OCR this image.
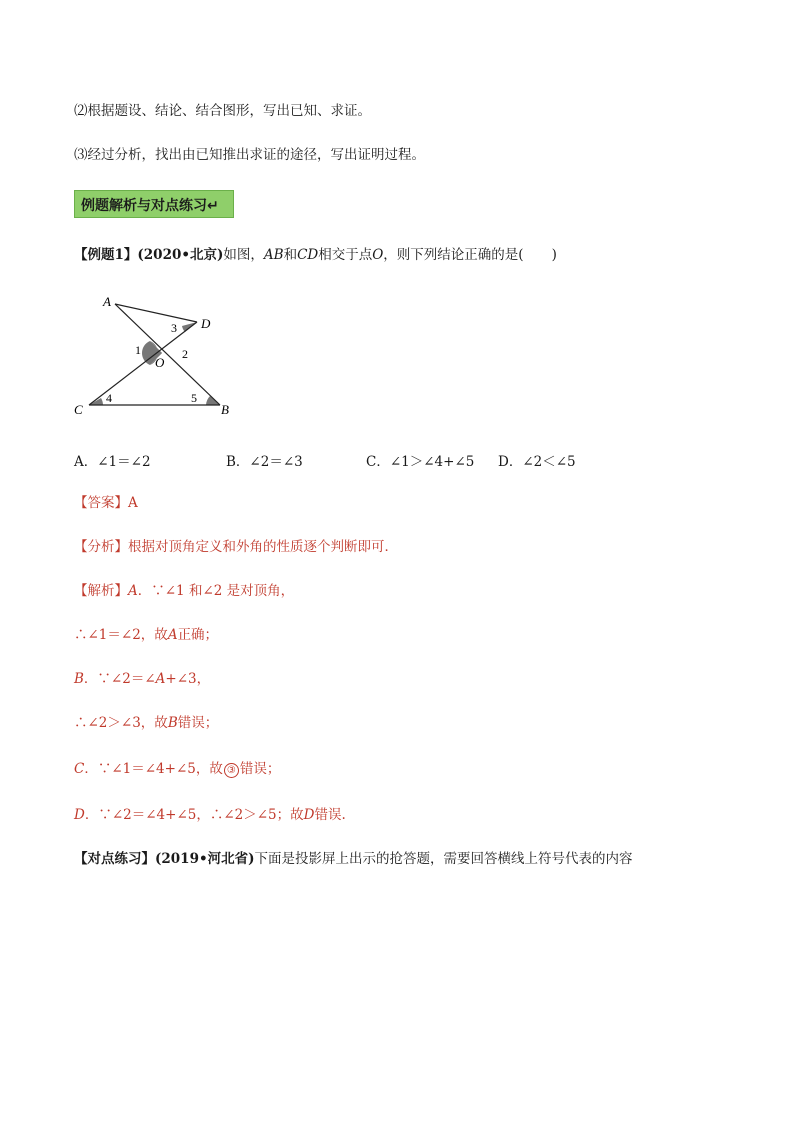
⑵根据题设、结论、结合图形，写出已知、求证。
⑶经过分析，找出由已知推出求证的途径，写出证明过程。
例题解析与对点练习↵
【例题1】(2020•北京)如图，AB和CD相交于点O，则下列结论正确的是( )
A
D
C	B
O
1	2
3
4	5
A．∠1＝∠2	B．∠2＝∠3	C．∠1＞∠4+∠5 D．∠2＜∠5
【答案】A
【分析】根据对顶角定义和外角的性质逐个判断即可．
【解析】A．∵∠1 和∠2 是对顶角，
∴∠1＝∠2，故A正确；
B．∵∠2＝∠A+∠3，
∴∠2＞∠3，故B错误；
C．∵∠1＝∠4+∠5，故 ③ 错误；
D．∵∠2＝∠4+∠5，∴∠2＞∠5；故D错误.
【对点练习】(2019•河北省)下面是投影屏上出示的抢答题，需要回答横线上符号代表的内容
